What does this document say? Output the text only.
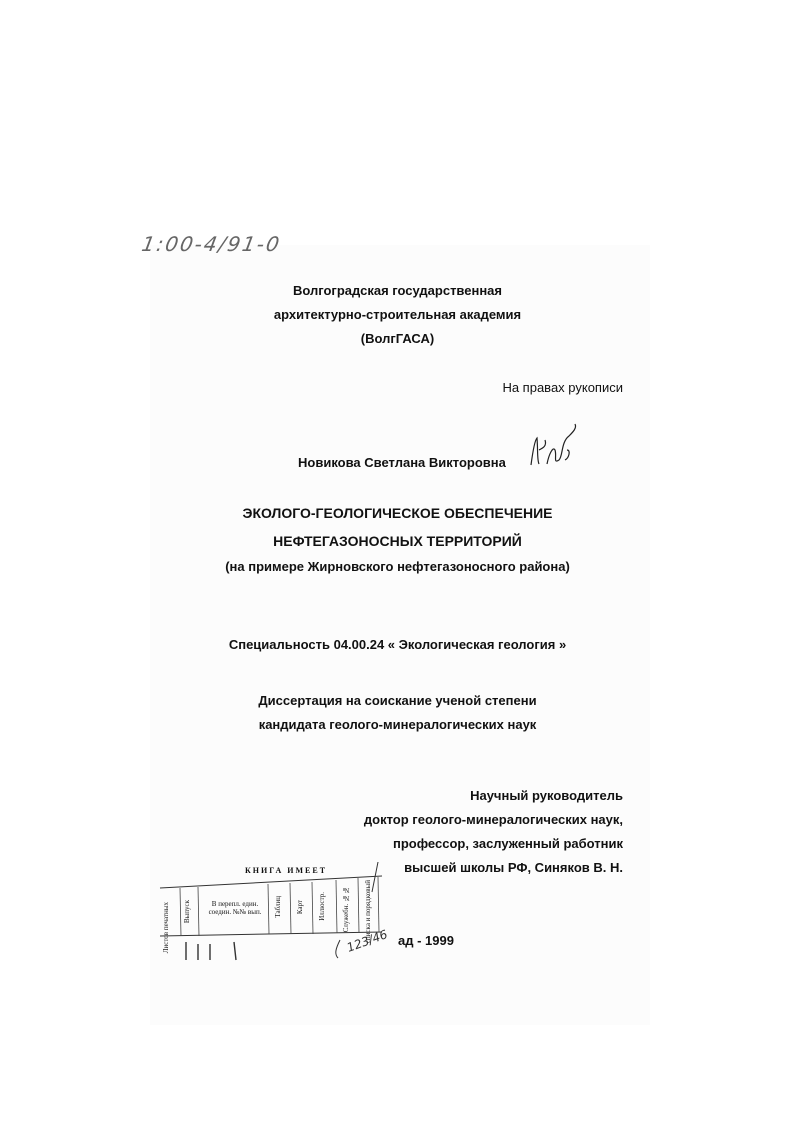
1:00-4/91-0
Волгоградская государственная
архитектурно-строительная академия
(ВолгГАСА)
На правах рукописи
Новикова Светлана Викторовна
ЭКОЛОГО-ГЕОЛОГИЧЕСКОЕ ОБЕСПЕЧЕНИЕ
НЕФТЕГАЗОНОСНЫХ ТЕРРИТОРИЙ
(на примере Жирновского нефтегазоносного района)
Специальность 04.00.24 « Экологическая геология »
Диссертация на соискание ученой степени
кандидата геолого-минералогических наук
Научный руководитель
доктор геолого-минералогических наук,
профессор, заслуженный работник
высшей школы РФ, Синяков В. Н.
ад - 1999
КНИГА ИМЕЕТ
Листов печатных Выпуск	В перепл. един. соедин. №№ вып.	Таблиц Карт Иллюстр. Служебн. №№ списка и порядковый
123/46
